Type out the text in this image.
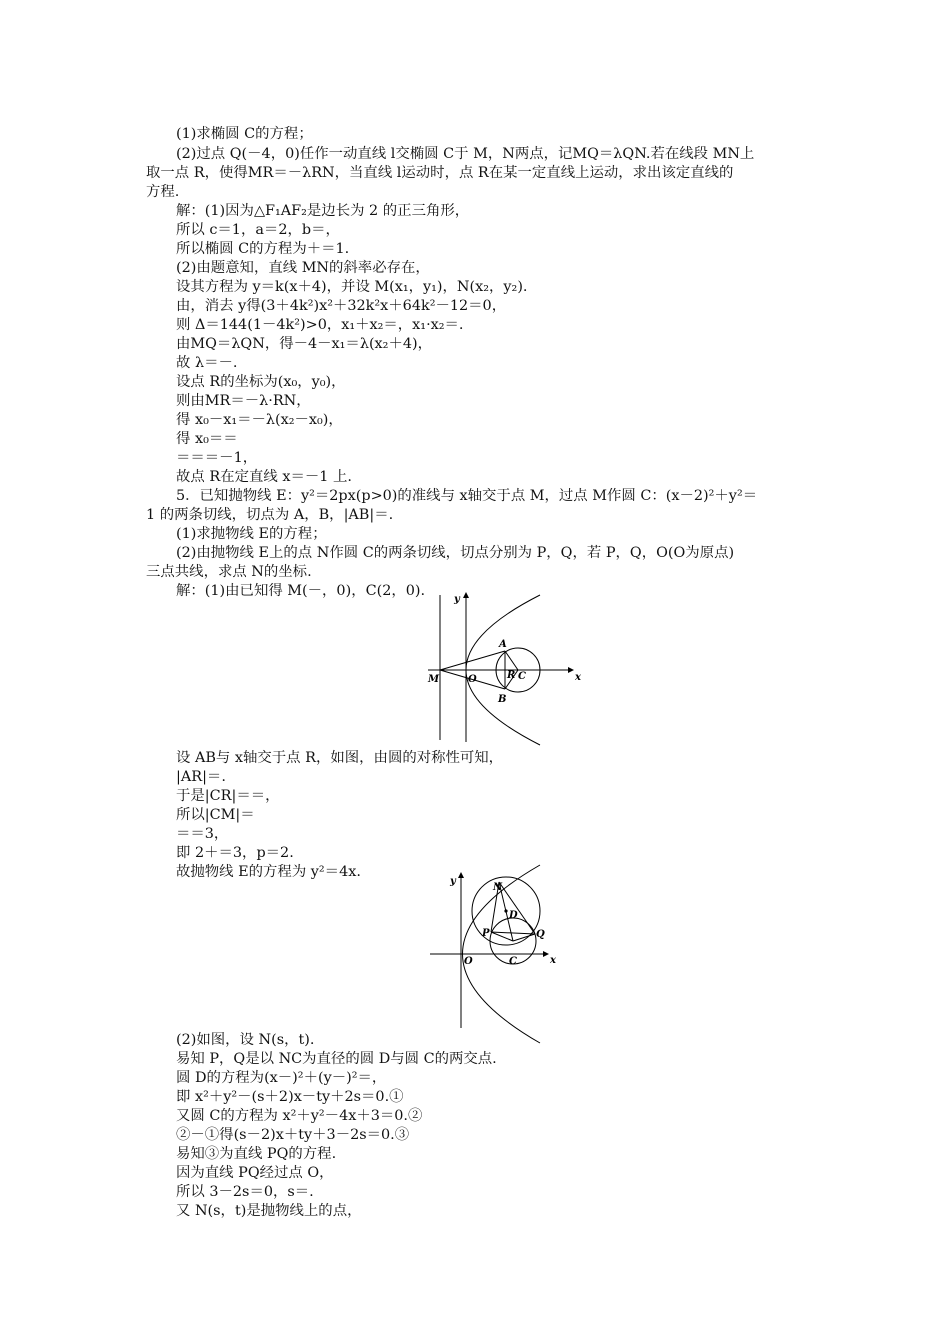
(1)求椭圆 C的方程；
(2)过点 Q(－4，0)任作一动直线 l交椭圆 C于 M，N两点，记MQ＝λQN.若在线段 MN上
取一点 R，使得MR＝－λRN，当直线 l运动时，点 R在某一定直线上运动，求出该定直线的
方程.
解：(1)因为△F₁AF₂是边长为 2 的正三角形，
所以 c＝1，a＝2，b＝，
所以椭圆 C的方程为＋＝1.
(2)由题意知，直线 MN的斜率必存在，
设其方程为 y＝k(x＋4)，并设 M(x₁，y₁)，N(x₂，y₂).
由，消去 y得(3＋4k²)x²＋32k²x＋64k²－12＝0，
则 Δ＝144(1－4k²)>0，x₁＋x₂＝，x₁·x₂＝.
由MQ＝λQN，得－4－x₁＝λ(x₂＋4)，
故 λ＝－.
设点 R的坐标为(x₀，y₀)，
则由MR＝－λ·RN，
得 x₀－x₁＝－λ(x₂－x₀)，
得 x₀＝＝
＝＝＝－1，
故点 R在定直线 x＝－1 上.
5．已知抛物线 E：y²＝2px(p>0)的准线与 x轴交于点 M，过点 M作圆 C：(x－2)²＋y²＝
1 的两条切线，切点为 A，B，|AB|＝.
(1)求抛物线 E的方程；
(2)由抛物线 E上的点 N作圆 C的两条切线，切点分别为 P，Q，若 P，Q，O(O为原点)
三点共线，求点 N的坐标.
解：(1)由已知得 M(－，0)，C(2，0).
y
x
M	O
A
R C
B
设 AB与 x轴交于点 R，如图，由圆的对称性可知，
|AR|＝.
于是|CR|＝＝，
所以|CM|＝
＝＝3，
即 2＋＝3，p＝2.
故抛物线 E的方程为 y²＝4x.
y
x
N
D
P	Q
O	C
(2)如图，设 N(s，t).
易知 P，Q是以 NC为直径的圆 D与圆 C的两交点.
圆 D的方程为(x－)²＋(y－)²＝，
即 x²＋y²－(s＋2)x－ty＋2s＝0.①
又圆 C的方程为 x²＋y²－4x＋3＝0.②
②－①得(s－2)x＋ty＋3－2s＝0.③
易知③为直线 PQ的方程.
因为直线 PQ经过点 O，
所以 3－2s＝0，s＝.
又 N(s，t)是抛物线上的点，
